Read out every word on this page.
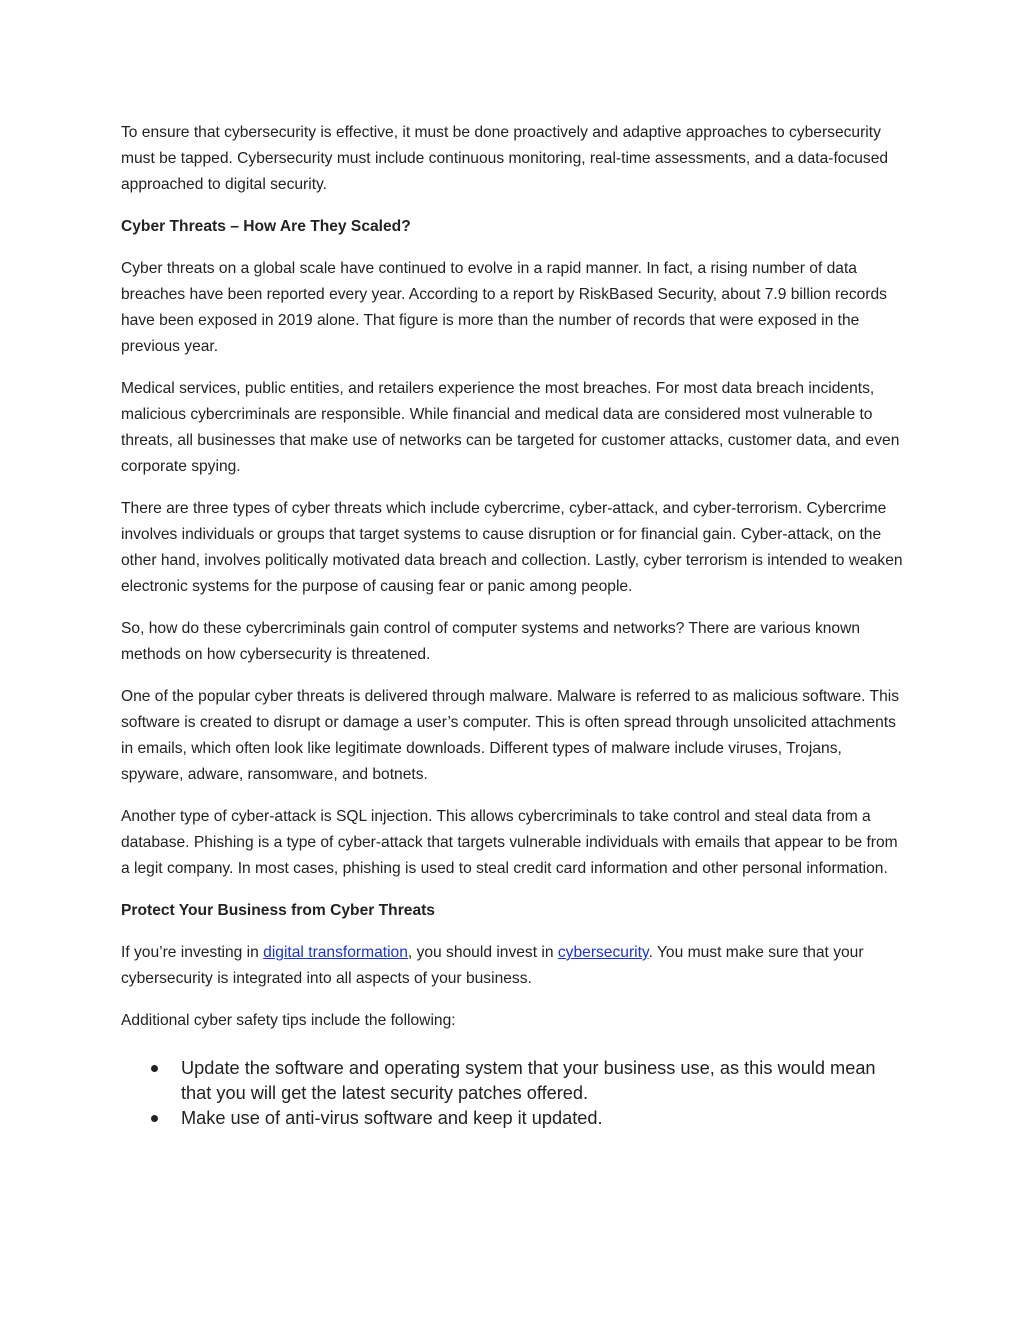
To ensure that cybersecurity is effective, it must be done proactively and adaptive approaches to cybersecurity must be tapped. Cybersecurity must include continuous monitoring, real-time assessments, and a data-focused approached to digital security.

Cyber Threats – How Are They Scaled?

Cyber threats on a global scale have continued to evolve in a rapid manner. In fact, a rising number of data breaches have been reported every year. According to a report by RiskBased Security, about 7.9 billion records have been exposed in 2019 alone. That figure is more than the number of records that were exposed in the previous year.

Medical services, public entities, and retailers experience the most breaches. For most data breach incidents, malicious cybercriminals are responsible. While financial and medical data are considered most vulnerable to threats, all businesses that make use of networks can be targeted for customer attacks, customer data, and even corporate spying.

There are three types of cyber threats which include cybercrime, cyber-attack, and cyber-terrorism. Cybercrime involves individuals or groups that target systems to cause disruption or for financial gain. Cyber-attack, on the other hand, involves politically motivated data breach and collection. Lastly, cyber terrorism is intended to weaken electronic systems for the purpose of causing fear or panic among people.

So, how do these cybercriminals gain control of computer systems and networks? There are various known methods on how cybersecurity is threatened.

One of the popular cyber threats is delivered through malware. Malware is referred to as malicious software. This software is created to disrupt or damage a user’s computer. This is often spread through unsolicited attachments in emails, which often look like legitimate downloads. Different types of malware include viruses, Trojans, spyware, adware, ransomware, and botnets.

Another type of cyber-attack is SQL injection. This allows cybercriminals to take control and steal data from a database. Phishing is a type of cyber-attack that targets vulnerable individuals with emails that appear to be from a legit company. In most cases, phishing is used to steal credit card information and other personal information.

Protect Your Business from Cyber Threats

If you’re investing in digital transformation, you should invest in cybersecurity. You must make sure that your cybersecurity is integrated into all aspects of your business.

Additional cyber safety tips include the following:

Update the software and operating system that your business use, as this would mean that you will get the latest security patches offered.
Make use of anti-virus software and keep it updated.
